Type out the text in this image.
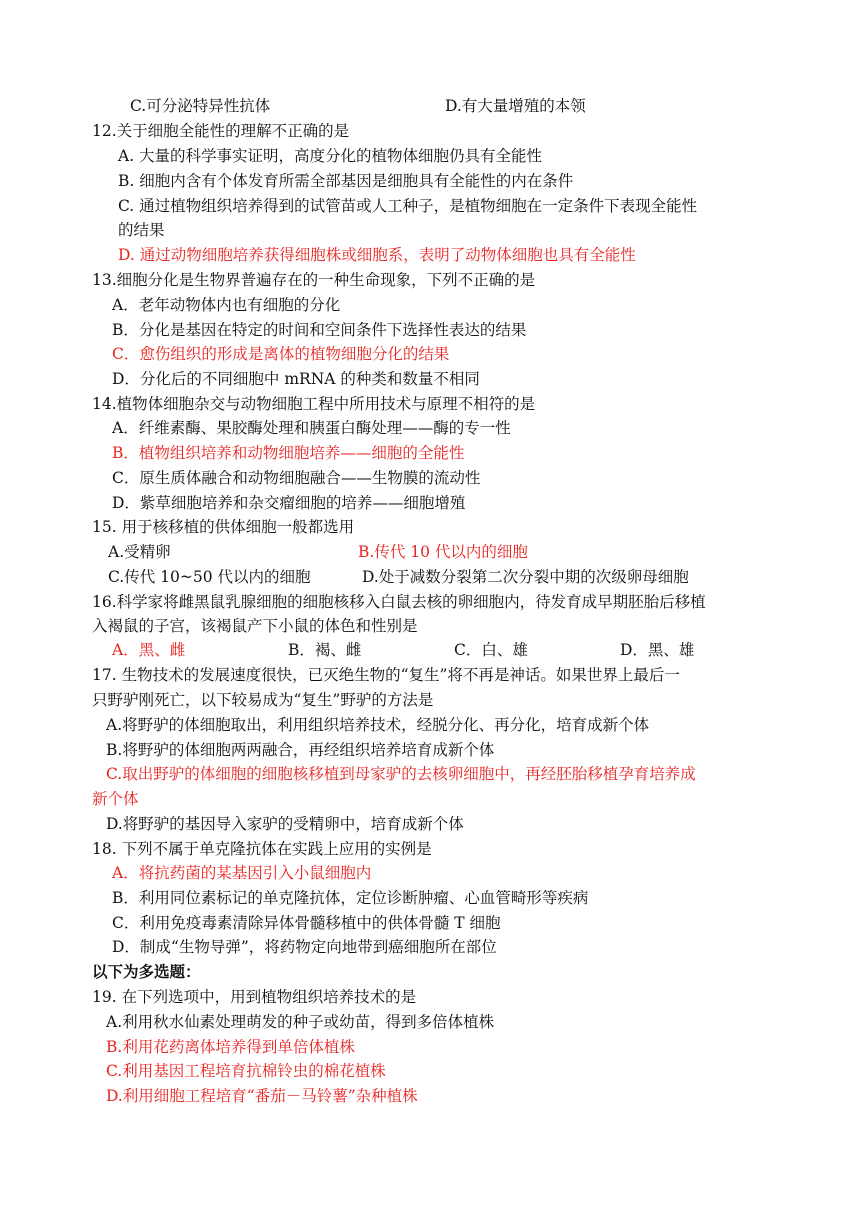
C.可分泌特异性抗体	D.有大量增殖的本领
12.关于细胞全能性的理解不正确的是
A. 大量的科学事实证明，高度分化的植物体细胞仍具有全能性
B. 细胞内含有个体发育所需全部基因是细胞具有全能性的内在条件
C. 通过植物组织培养得到的试管苗或人工种子，是植物细胞在一定条件下表现全能性
的结果
D. 通过动物细胞培养获得细胞株或细胞系，表明了动物体细胞也具有全能性
13.细胞分化是生物界普遍存在的一种生命现象，下列不正确的是
A．老年动物体内也有细胞的分化
B．分化是基因在特定的时间和空间条件下选择性表达的结果
C．愈伤组织的形成是离体的植物细胞分化的结果
D．分化后的不同细胞中 mRNA 的种类和数量不相同
14.植物体细胞杂交与动物细胞工程中所用技术与原理不相符的是
A．纤维素酶、果胶酶处理和胰蛋白酶处理——酶的专一性
B．植物组织培养和动物细胞培养——细胞的全能性
C．原生质体融合和动物细胞融合——生物膜的流动性
D．紫草细胞培养和杂交瘤细胞的培养——细胞增殖
15. 用于核移植的供体细胞一般都选用
A.受精卵	B.传代 10 代以内的细胞
C.传代 10~50 代以内的细胞	D.处于减数分裂第二次分裂中期的次级卵母细胞
16.科学家将雌黑鼠乳腺细胞的细胞核移入白鼠去核的卵细胞内，待发育成早期胚胎后移植
入褐鼠的子宫，该褐鼠产下小鼠的体色和性别是
A．黑、雌	B．褐、雌	C．白、雄	D．黑、雄
17. 生物技术的发展速度很快，已灭绝生物的“复生”将不再是神话。如果世界上最后一
只野驴刚死亡，以下较易成为“复生”野驴的方法是
A.将野驴的体细胞取出，利用组织培养技术，经脱分化、再分化，培育成新个体
B.将野驴的体细胞两两融合，再经组织培养培育成新个体
C.取出野驴的体细胞的细胞核移植到母家驴的去核卵细胞中，再经胚胎移植孕育培养成
新个体
D.将野驴的基因导入家驴的受精卵中，培育成新个体
18. 下列不属于单克隆抗体在实践上应用的实例是
A．将抗药菌的某基因引入小鼠细胞内
B．利用同位素标记的单克隆抗体，定位诊断肿瘤、心血管畸形等疾病
C．利用免疫毒素清除异体骨髓移植中的供体骨髓 T 细胞
D．制成“生物导弹”，将药物定向地带到癌细胞所在部位
以下为多选题：
19. 在下列选项中，用到植物组织培养技术的是
A.利用秋水仙素处理萌发的种子或幼苗，得到多倍体植株
B.利用花药离体培养得到单倍体植株
C.利用基因工程培育抗棉铃虫的棉花植株
D.利用细胞工程培育“番茄－马铃薯”杂种植株
